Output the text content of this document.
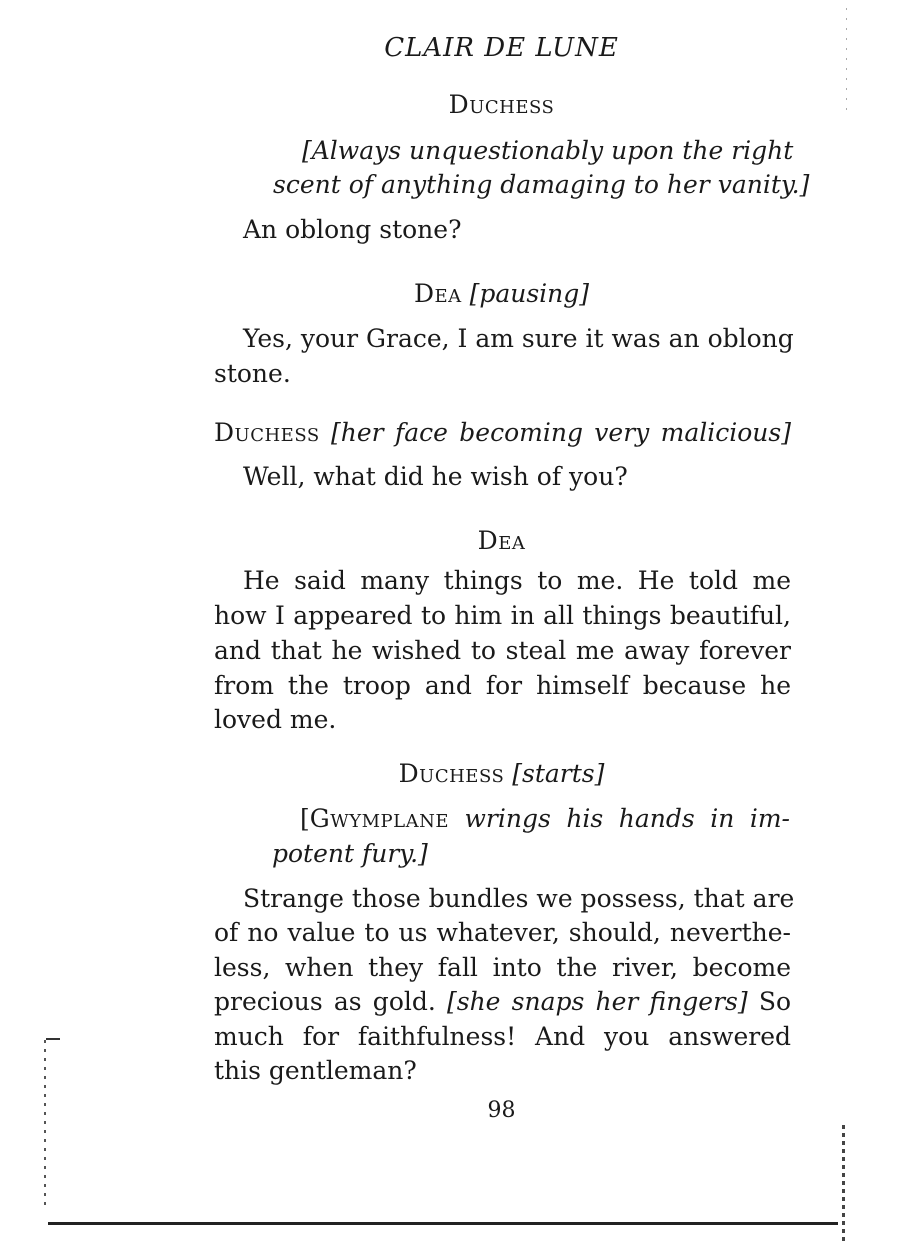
CLAIR DE LUNE
Duchess
[Always unquestionably upon the right
scent of anything damaging to her vanity.]
An oblong stone?
Dea [pausing]
Yes, your Grace, I am sure it was an oblong
stone.
Duchess [her face becoming very malicious]
Well, what did he wish of you?
Dea
He said many things to me. He told me
how I appeared to him in all things beautiful,
and that he wished to steal me away forever
from the troop and for himself because he
loved me.
Duchess [starts]
[Gwymplane wrings his hands in im-
potent fury.]
Strange those bundles we possess, that are
of no value to us whatever, should, neverthe-
less, when they fall into the river, become
precious as gold. [she snaps her fingers] So
much for faithfulness! And you answered
this gentleman?
98
